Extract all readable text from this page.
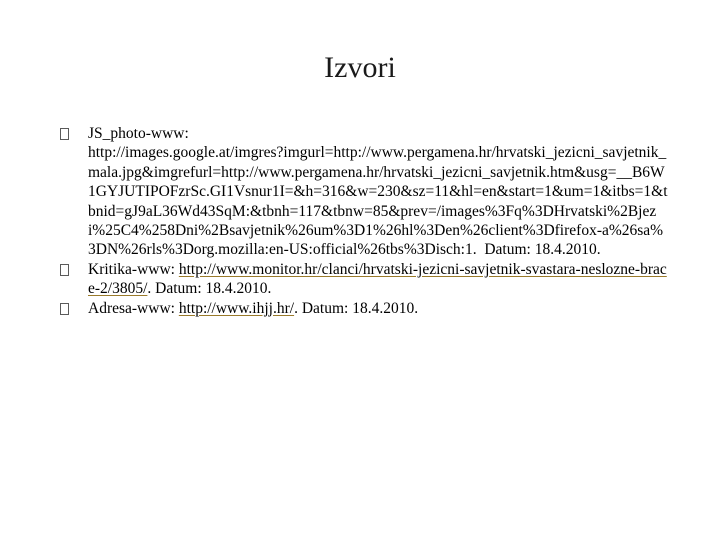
Izvori
JS_photo-www:
http://images.google.at/imgres?imgurl=http://www.pergamena.hr/hrvatski_jezicni_savjetnik_mala.jpg&imgrefurl=http://www.pergamena.hr/hrvatski_jezicni_savjetnik.htm&usg=__B6W1GYJUTIPOFzrSc.GI1Vsnur1I=&h=316&w=230&sz=11&hl=en&start=1&um=1&itbs=1&tbnid=gJ9aL36Wd43SqM:&tbnh=117&tbnw=85&prev=/images%3Fq%3DHrvatski%2Bjezi%25C4%258Dni%2Bsavjetnik%26um%3D1%26hl%3Den%26client%3Dfirefox-a%26sa%3DN%26rls%3Dorg.mozilla:en-US:official%26tbs%3Disch:1. Datum: 18.4.2010.
Kritika-www: http://www.monitor.hr/clanci/hrvatski-jezicni-savjetnik-svastara-neslozne-brace-2/3805/. Datum: 18.4.2010.
Adresa-www: http://www.ihjj.hr/. Datum: 18.4.2010.
